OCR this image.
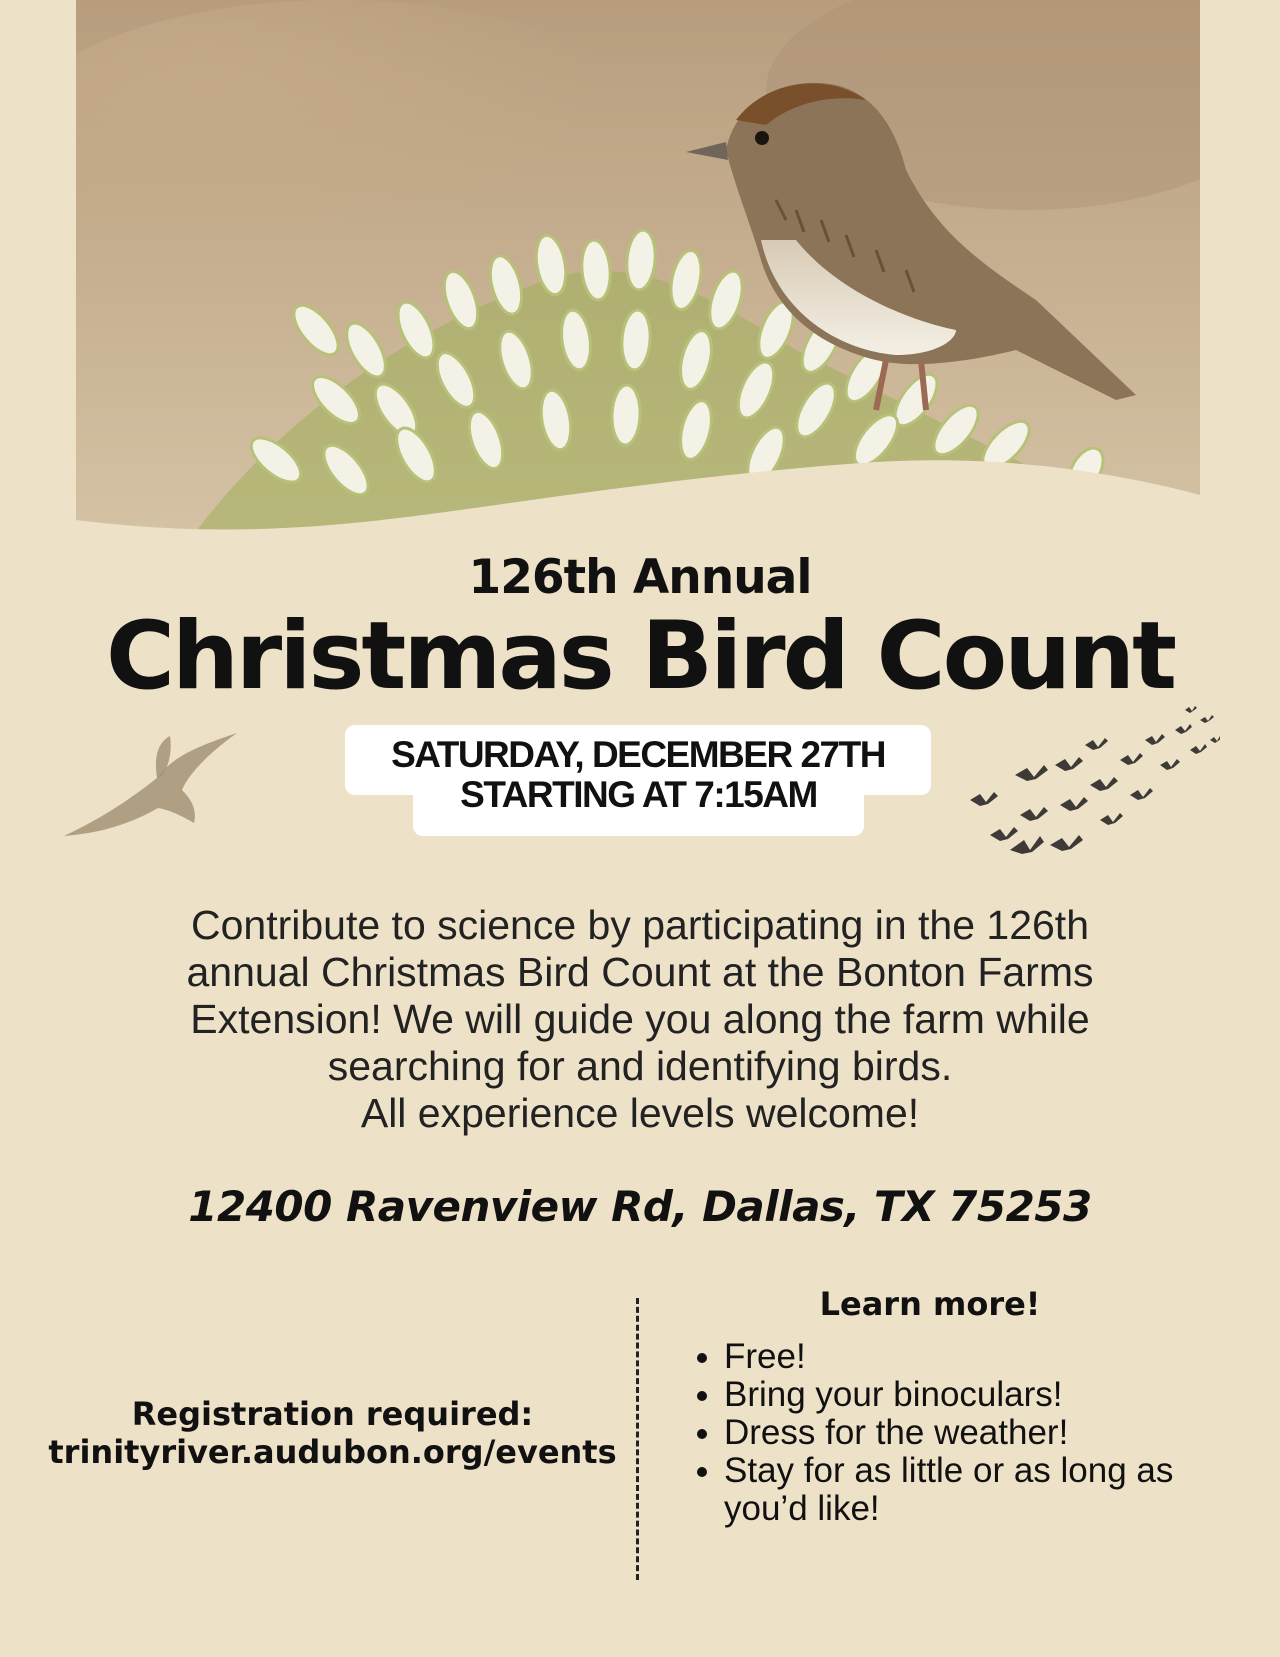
126th Annual
Christmas Bird Count
SATURDAY, DECEMBER 27TH
STARTING AT 7:15AM
Contribute to science by participating in the 126th
annual Christmas Bird Count at the Bonton Farms
Extension! We will guide you along the farm while
searching for and identifying birds.
All experience levels welcome!
12400 Ravenview Rd, Dallas, TX 75253
Registration required:
trinityriver.audubon.org/events
Learn more!
• Free!
• Bring your binoculars!
• Dress for the weather!
• Stay for as little or as long as you’d like!
